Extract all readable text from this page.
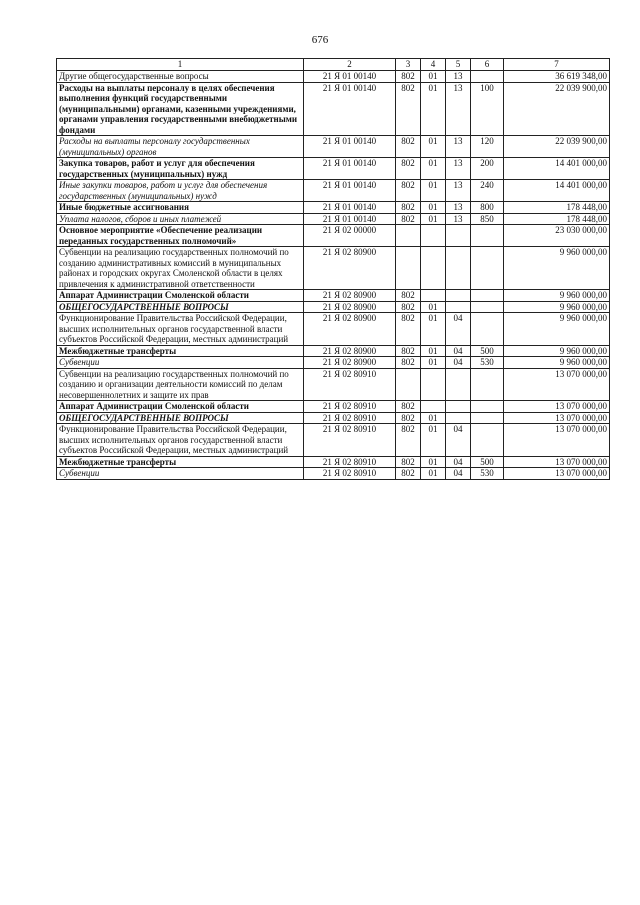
676
1	2	3	4	5	6	7
Другие общегосударственные вопросы	21 Я 01 00140	802	01	13		36 619 348,00
Расходы на выплаты персоналу в целях обеспечения выполнения функций государственными (муниципальными) органами, казенными учреждениями, органами управления государственными внебюджетными фондами	21 Я 01 00140	802	01	13	100	22 039 900,00
Расходы на выплаты персоналу государственных (муниципальных) органов	21 Я 01 00140	802	01	13	120	22 039 900,00
Закупка товаров, работ и услуг для обеспечения государственных (муниципальных) нужд	21 Я 01 00140	802	01	13	200	14 401 000,00
Иные закупки товаров, работ и услуг для обеспечения государственных (муниципальных) нужд	21 Я 01 00140	802	01	13	240	14 401 000,00
Иные бюджетные ассигнования	21 Я 01 00140	802	01	13	800	178 448,00
Уплата налогов, сборов и иных платежей	21 Я 01 00140	802	01	13	850	178 448,00
Основное мероприятие «Обеспечение реализации переданных государственных полномочий»	21 Я 02 00000					23 030 000,00
Субвенции на реализацию государственных полномочий по созданию административных комиссий в муниципальных районах и городских округах Смоленской области в целях привлечения к административной ответственности	21 Я 02 80900					9 960 000,00
Аппарат Администрации Смоленской области	21 Я 02 80900	802				9 960 000,00
ОБЩЕГОСУДАРСТВЕННЫЕ ВОПРОСЫ	21 Я 02 80900	802	01			9 960 000,00
Функционирование Правительства Российской Федерации, высших исполнительных органов государственной власти субъектов Российской Федерации, местных администраций	21 Я 02 80900	802	01	04		9 960 000,00
Межбюджетные трансферты	21 Я 02 80900	802	01	04	500	9 960 000,00
Субвенции	21 Я 02 80900	802	01	04	530	9 960 000,00
Субвенции на реализацию государственных полномочий по созданию и организации деятельности комиссий по делам несовершеннолетних и защите их прав	21 Я 02 80910					13 070 000,00
Аппарат Администрации Смоленской области	21 Я 02 80910	802				13 070 000,00
ОБЩЕГОСУДАРСТВЕННЫЕ ВОПРОСЫ	21 Я 02 80910	802	01			13 070 000,00
Функционирование Правительства Российской Федерации, высших исполнительных органов государственной власти субъектов Российской Федерации, местных администраций	21 Я 02 80910	802	01	04		13 070 000,00
Межбюджетные трансферты	21 Я 02 80910	802	01	04	500	13 070 000,00
Субвенции	21 Я 02 80910	802	01	04	530	13 070 000,00
